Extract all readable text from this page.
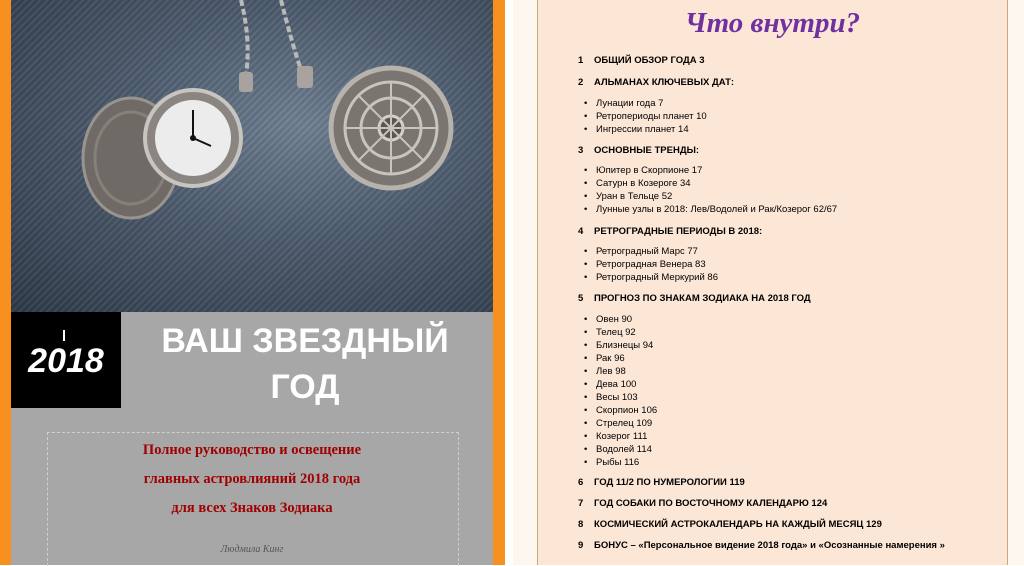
2018
ВАШ ЗВЕЗДНЫЙ
ГОД
Полное руководство и освещение
главных астровлияний 2018 года
для всех Знаков Зодиака
Людмила Кинг
Что внутри?
1 ОБЩИЙ ОБЗОР ГОДА 3
2 АЛЬМАНАХ КЛЮЧЕВЫХ ДАТ:
• Лунации года 7
• Ретропериоды планет 10
• Ингрессии планет 14
3 ОСНОВНЫЕ ТРЕНДЫ:
• Юпитер в Скорпионе 17
• Сатурн в Козероге 34
• Уран в Тельце 52
• Лунные узлы в 2018: Лев/Водолей и Рак/Козерог 62/67
4 РЕТРОГРАДНЫЕ ПЕРИОДЫ В 2018:
• Ретроградный Марс 77
• Ретроградная Венера 83
• Ретроградный Меркурий 86
5 ПРОГНОЗ ПО ЗНАКАМ ЗОДИАКА НА 2018 ГОД
• Овен 90
• Телец 92
• Близнецы 94
• Рак 96
• Лев 98
• Дева 100
• Весы 103
• Скорпион 106
• Стрелец 109
• Козерог 111
• Водолей 114
• Рыбы 116
6 ГОД 11/2 ПО НУМЕРОЛОГИИ 119
7 ГОД СОБАКИ ПО ВОСТОЧНОМУ КАЛЕНДАРЮ 124
8 КОСМИЧЕСКИЙ АСТРОКАЛЕНДАРЬ НА КАЖДЫЙ МЕСЯЦ 129
9 БОНУС – «Персональное видение 2018 года» и «Осознанные намерения »
